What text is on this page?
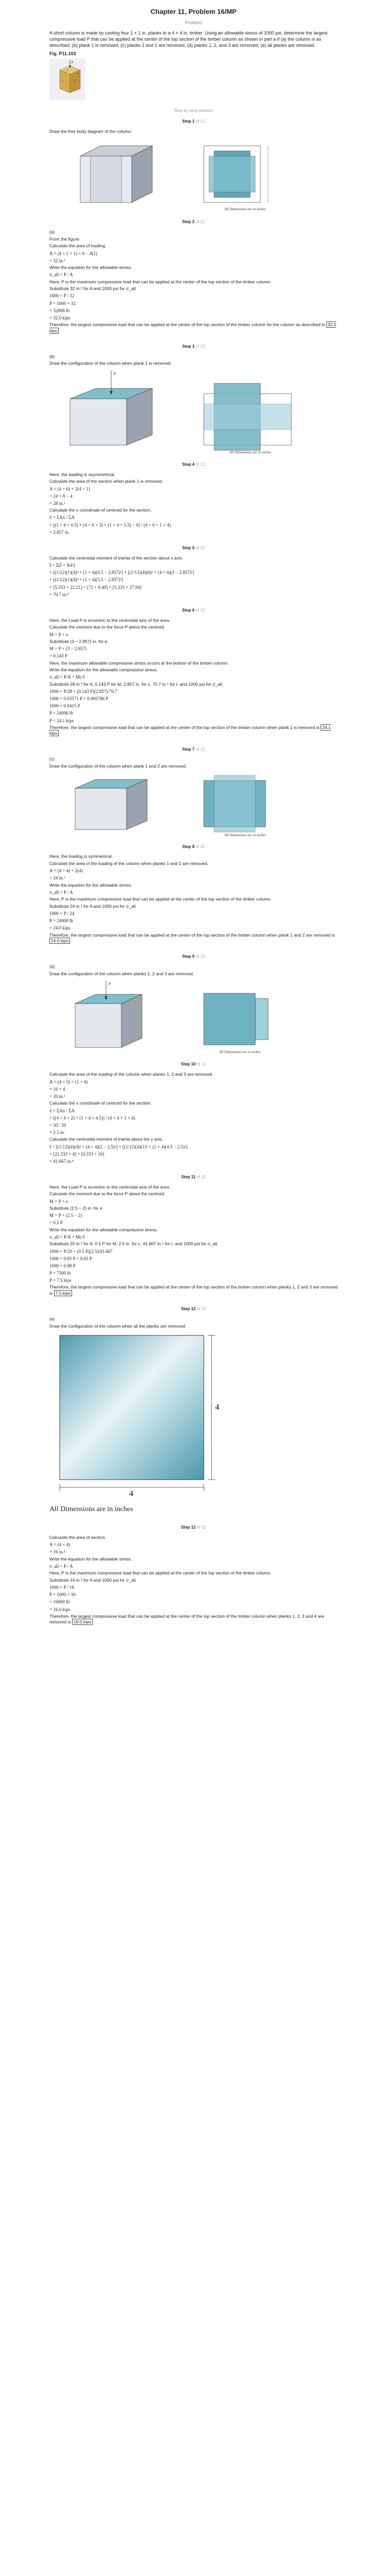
Chapter 11, Problem 16/MP
Problem
A short column is made by casting four 1 × 1 in. planks to a 4 × 4 in. timber. Using an allowable stress of 1000 psi, determine the largest compressive load P that can be applied at the center of the top section of the timber column as shown in part a if (a) the column is as described, (b) plank 1 is removed, (c) planks 1 and 2 are removed, (d) planks 1, 2, and 3 are removed, (e) all planks are removed.
Fig. P11.103
P
1	2
3
4
Step-by-step solution
Step 1 of 12
Draw the free body diagram of the column:
All Dimensions are in inches
Step 2 of 12
(a)
From the figure:
Calculate the area of loading.
A = (4 + 1 + 1) × 6 − 4(1)
= 32 in.²
Write the equation for the allowable stress.
σ_all = P / A
Here, P is the maximum compressive load that can be applied at the center of the top section of the timber column.
Substitute 32 in.² for A and 1000 psi for σ_all.
1000 = P / 32
P = 1000 × 32
= 32000 lb
= 32.0 kips
Therefore, the largest compressive load that can be applied at the center of the top section of the timber column for the column as described is 32.0 kips
Step 3 of 12
(b)
Draw the configuration of the column when plank 1 is removed.
P
All Dimensions are in inches
Step 4 of 12
Here, the loading is asymmetrical.
Calculate the area of the section when plank 1 is removed.
A = (4 × 6) + 2(4 × 1)
= 24 + 8 − 4
= 28 in.²
Calculate the x coordinate of centroid for the section.
x̄ = ΣAx / ΣA
= [(1 × 4 × 0.5) + (4 × 6 × 3) + (1 × 4 × 5.5) − 0] / (4 × 6 + 1 × 4)
= 2.857 in.
Step 5 of 12
Calculate the centroidal moment of inertia of the section about x axis.
I = Σ(Ī + Ad²)
= [(1/12)(1)(4)³ + (1 × 4)(0.5 − 2.857)²] + [(1/12)(4)(6)³ + (4 × 6)(3 − 2.857)²]
+ [(1/12)(1)(4)³ + (1 × 4)(5.5 − 2.857)²]
= [5.333 + 22.21] + [72 + 0.49] + [5.333 + 27.94]
= 70.7 in.⁴
Step 6 of 12
Here, the Load P is eccentric to the centroidal axis of the area.
Calculate the moment due to the force P about the centroid.
M = P × e
Substitute (3 − 2.857) in. for e.
M = P × (3 − 2.857)
= 0.143 P
Here, the maximum allowable compressive stress occurs at the bottom of the timber column.
Write the equation for the allowable compressive stress.
σ_all = P/A + Mc/I
Substitute 28 in.² for A, 0.143 P for M, 2.857 in. for c, 70.7 in.⁴ for I, and 1000 psi for σ_all.
1000 = P/28 + (0.143 P)(2.857)/70.7
1000 = 0.03571 P + 0.005786 P
1000 = 0.0415 P
P = 24096 lb
P = 24.1 kips
Therefore, the largest compressive load that can be applied at the center of the top section of the timber column when plank 1 is removed is 24.1 kips
Step 7 of 12
(c)
Draw the configuration of the column when plank 1 and 2 are removed.
All Dimensions are in inches
Step 8 of 12
Here, the loading is symmetrical.
Calculate the area of the loading of the column when planks 1 and 2 are removed.
A = (4 × 4) + 2(4)
= 24 in.²
Write the equation for the allowable stress.
σ_all = P / A
Here, P is the maximum compressive load that can be applied at the center of the top section of the timber column.
Substitute 24 in.² for A and 1000 psi for σ_all.
1000 = P / 24
P = 24000 lb
= 24.0 kips
Therefore, the largest compressive load that can be applied at the center of the top section of the timber column when plank 1 and 2 are removed is 24.0 kips
Step 9 of 12
(d)
Draw the configuration of the column when planks 1, 2 and 3 are removed.
P
All Dimensions are in inches
Step 10 of 12
Calculate the area of the loading of the column when planks 1, 2 and 3 are removed.
A = (4 × 5) + (1 × 4)
= 16 + 4
= 20 in.²
Calculate the x coordinate of centroid for the section.
x̄ = ΣAx / ΣA
= [(4 × 4 × 2) + (1 × 4 × 4.5)] / (4 × 4 + 1 × 4)
= 50 / 20
= 2.5 in.
Calculate the centroidal moment of inertia about the y axis.
I = [(1/12)(4)(4)³ + (4 × 4)(2 − 2.5)²] + [(1/12)(4)(1)³ + (1 × 4)(4.5 − 2.5)²]
= [21.333 + 4] + [0.333 + 16]
= 41.667 in.⁴
Step 11 of 12
Here, the Load P is eccentric to the centroidal axis of the area.
Calculate the moment due to the force P about the centroid.
M = P × e
Substitute (2.5 − 2) in. for e.
M = P × (2.5 − 2)
= 0.5 P
Write the equation for the allowable compressive stress.
σ_all = P/A + Mc/I
Substitute 20 in.² for A, 0.5 P for M, 2.5 in. for c, 41.667 in.⁴ for I, and 1000 psi for σ_all.
1000 = P/20 + (0.5 P)(2.5)/41.667
1000 = 0.05 P + 0.03 P
1000 = 0.08 P
P = 7500 lb
P = 7.5 kips
Therefore, the largest compressive load that can be applied at the center of the top section of the timber column when planks 1, 2 and 3 are removed is 7.5 kips
Step 12 of 12
(e)
Draw the configuration of the column when all the planks are removed:
4
4
All Dimensions are in inches
Step 12 of 12
Calculate the area of section.
A = (4 × 4)
= 16 in.²
Write the equation for the allowable stress.
σ_all = P / A
Here, P is the maximum compressive load that can be applied at the center of the top section of the timber column.
Substitute 16 in.² for A and 1000 psi for σ_all.
1000 = P / 16
P = 1000 × 16
= 16000 lb
= 16.0 kips
Therefore, the largest compressive load that can be applied at the center of the top section of the timber column when planks 1, 2, 3 and 4 are removed is 16.0 kips
